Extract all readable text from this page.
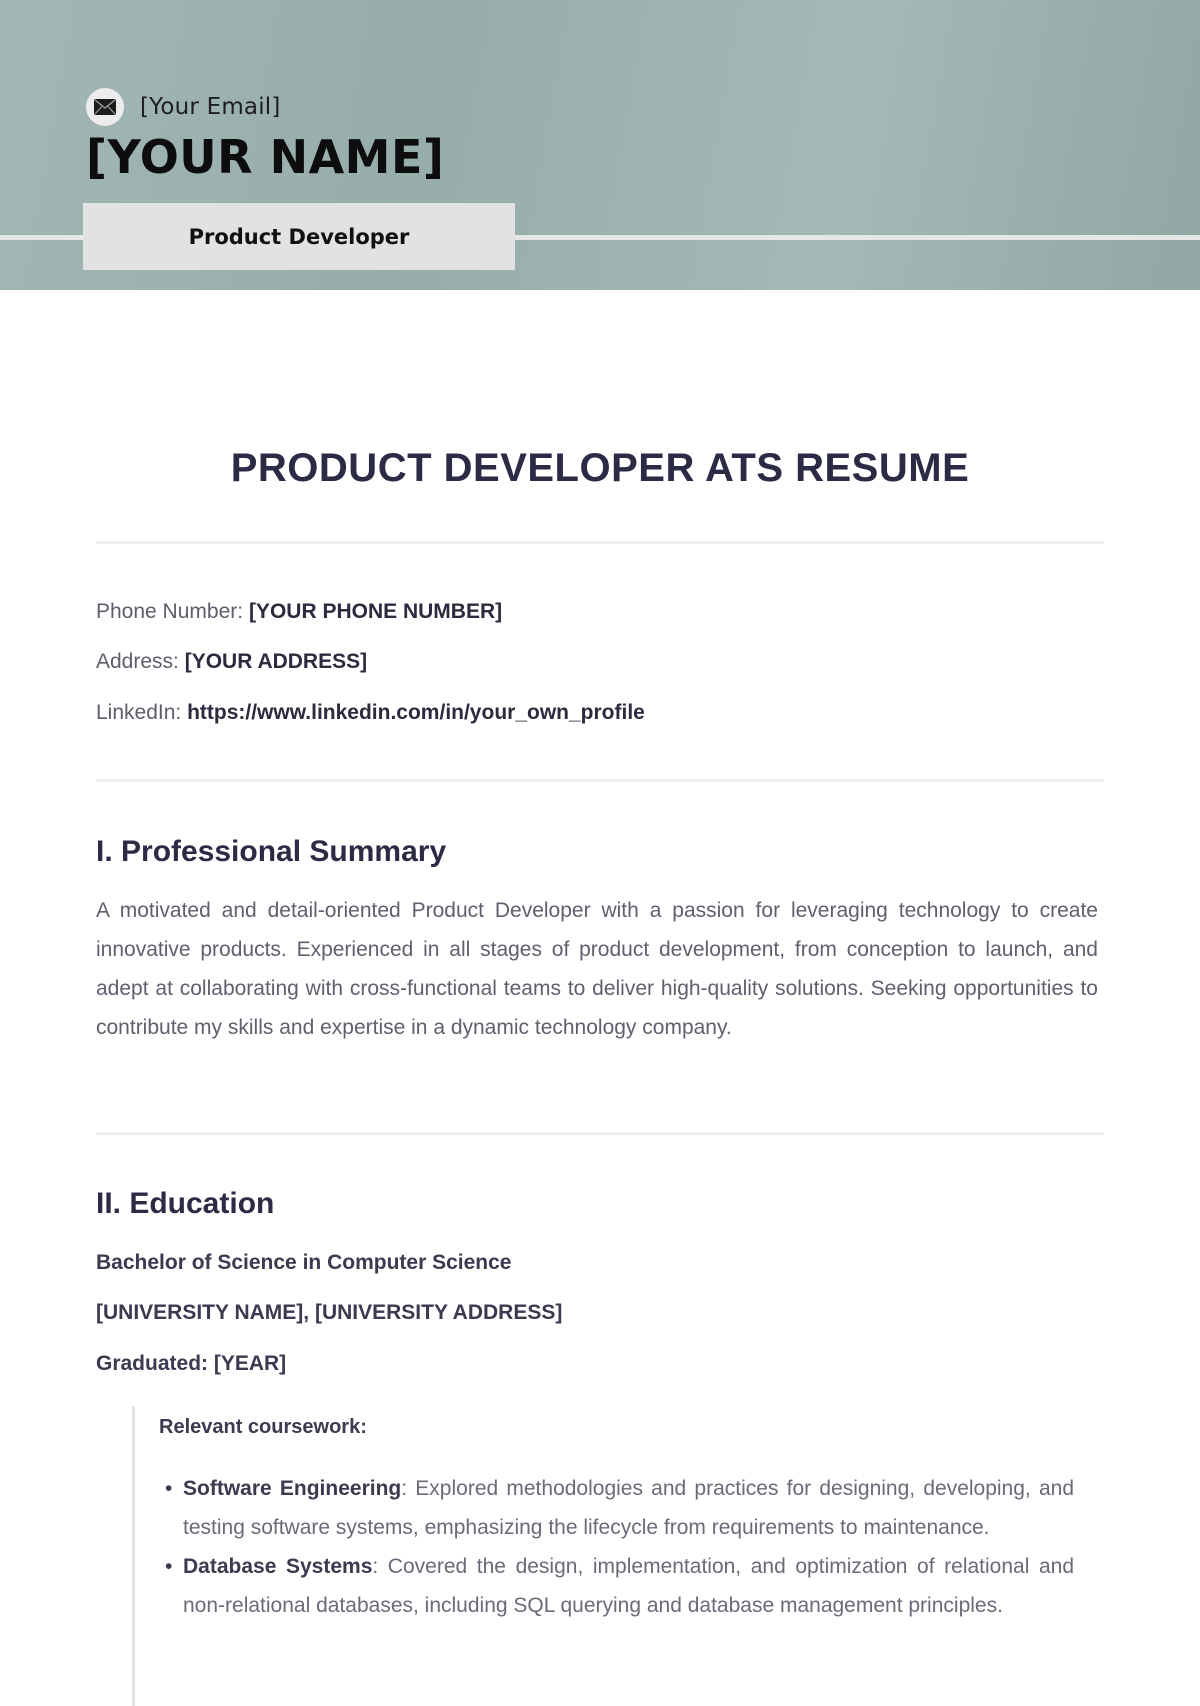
[Your Email]
[YOUR NAME]
Product Developer
PRODUCT DEVELOPER ATS RESUME
Phone Number: [YOUR PHONE NUMBER]
Address: [YOUR ADDRESS]
LinkedIn: https://www.linkedin.com/in/your_own_profile
I. Professional Summary

A motivated and detail-oriented Product Developer with a passion for leveraging technology to create innovative products. Experienced in all stages of product development, from conception to launch, and adept at collaborating with cross-functional teams to deliver high-quality solutions. Seeking opportunities to contribute my skills and expertise in a dynamic technology company.

II. Education
Bachelor of Science in Computer Science
[UNIVERSITY NAME], [UNIVERSITY ADDRESS]
Graduated: [YEAR]
Relevant coursework:
• Software Engineering: Explored methodologies and practices for designing, developing, and testing software systems, emphasizing the lifecycle from requirements to maintenance.
• Database Systems: Covered the design, implementation, and optimization of relational and non-relational databases, including SQL querying and database management principles.
